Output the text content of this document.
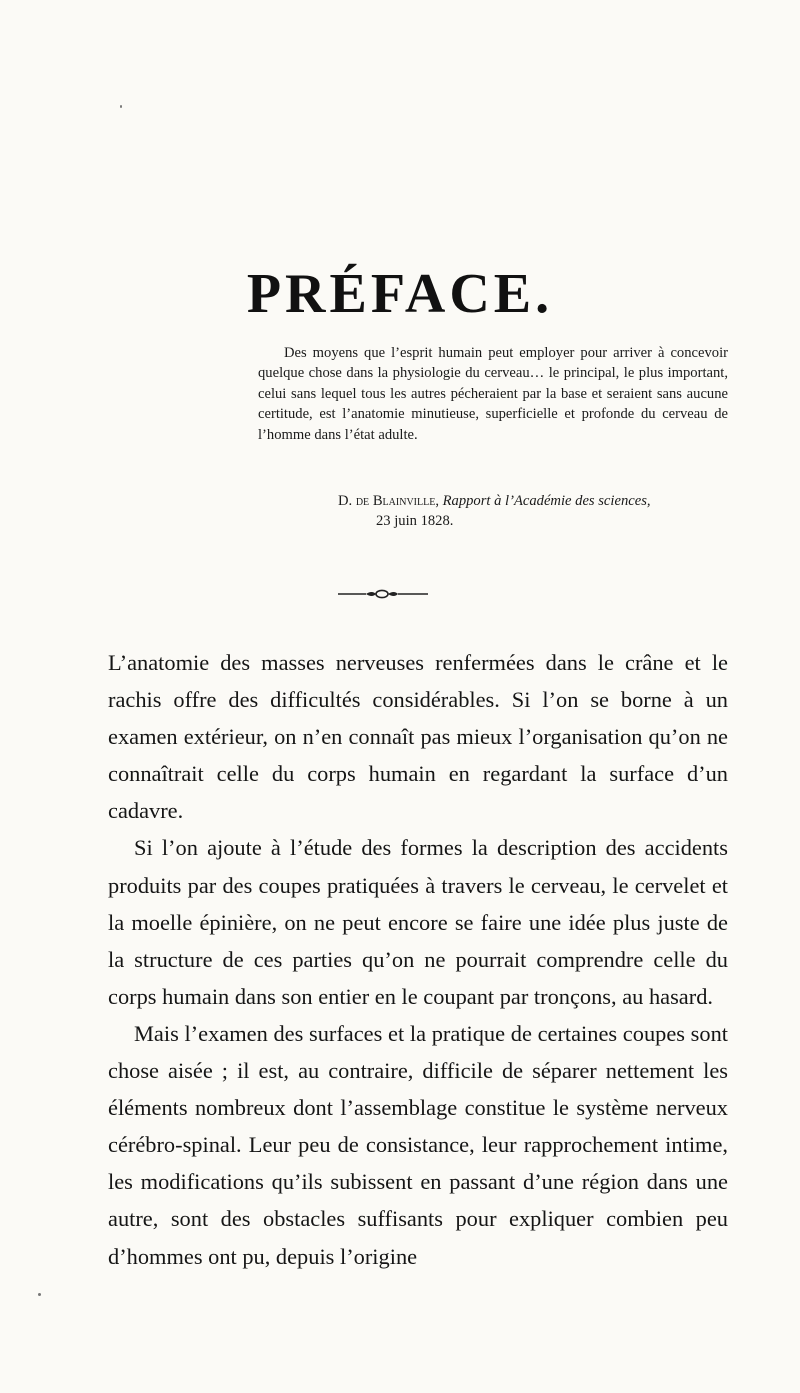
PRÉFACE.

Des moyens que l’esprit humain peut employer pour arriver à concevoir quelque chose dans la physiologie du cerveau… le principal, le plus important, celui sans lequel tous les autres pécheraient par la base et seraient sans aucune certitude, est l’anatomie minutieuse, superficielle et profonde du cerveau de l’homme dans l’état adulte.

D. de Blainville, Rapport à l’Académie des sciences,
23 juin 1828.

L’anatomie des masses nerveuses renfermées dans le crâne et le rachis offre des difficultés considérables. Si l’on se borne à un examen extérieur, on n’en connaît pas mieux l’organisation qu’on ne connaîtrait celle du corps humain en regardant la surface d’un cadavre.

Si l’on ajoute à l’étude des formes la description des accidents produits par des coupes pratiquées à travers le cerveau, le cervelet et la moelle épinière, on ne peut encore se faire une idée plus juste de la structure de ces parties qu’on ne pourrait comprendre celle du corps humain dans son entier en le coupant par tronçons, au hasard.

Mais l’examen des surfaces et la pratique de certaines coupes sont chose aisée ; il est, au contraire, difficile de séparer nettement les éléments nombreux dont l’assemblage constitue le système nerveux cérébro-spinal. Leur peu de consistance, leur rapprochement intime, les modifications qu’ils subissent en passant d’une région dans une autre, sont des obstacles suffisants pour expliquer combien peu d’hommes ont pu, depuis l’origine
